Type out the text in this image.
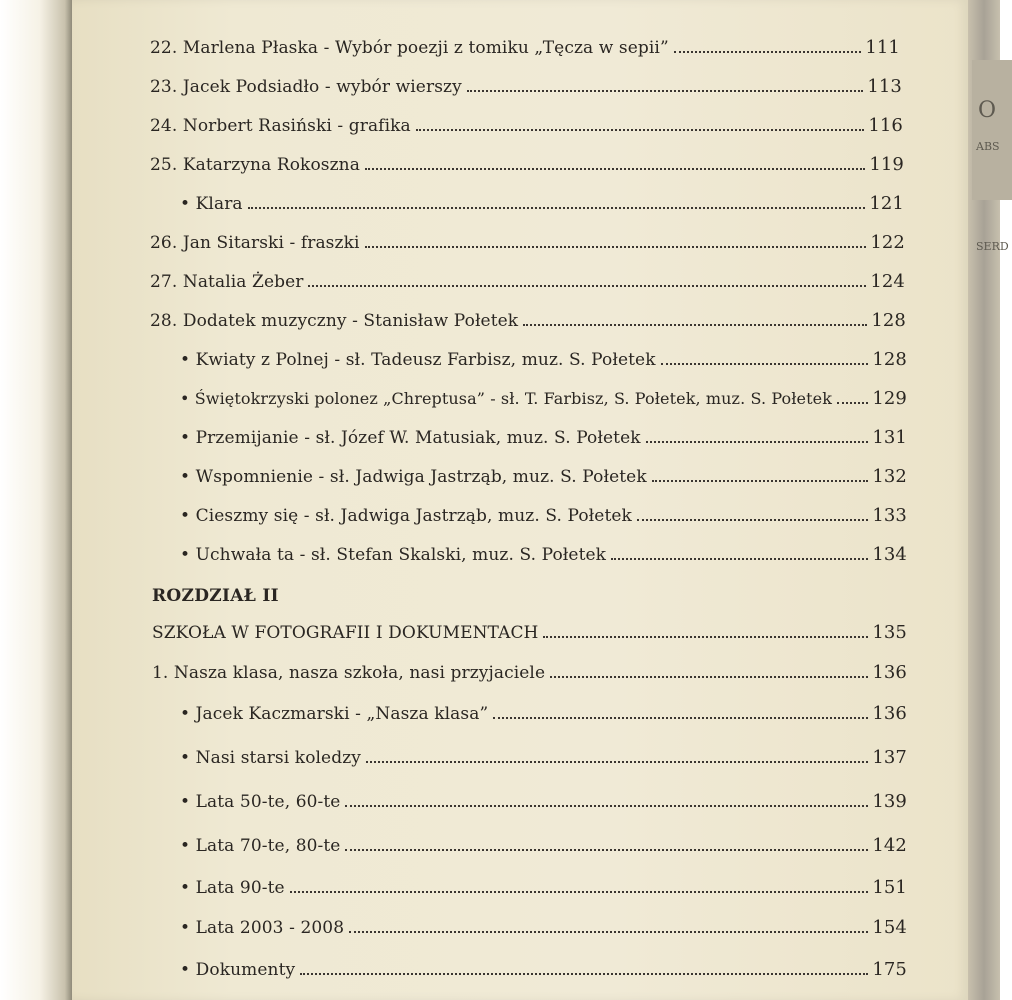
O
ABS
SERD
22. Marlena Płaska - Wybór poezji z tomiku „Tęcza w sepii”	111
23. Jacek Podsiadło - wybór wierszy	113
24. Norbert Rasiński - grafika	116
25. Katarzyna Rokoszna	119
• Klara	121
26. Jan Sitarski - fraszki	122
27. Natalia Żeber	124
28. Dodatek muzyczny - Stanisław Połetek	128
• Kwiaty z Polnej - sł. Tadeusz Farbisz, muz. S. Połetek	128
• Świętokrzyski polonez „Chreptusa” - sł. T. Farbisz, S. Połetek, muz. S. Połetek 129
• Przemijanie - sł. Józef W. Matusiak, muz. S. Połetek	131
• Wspomnienie - sł. Jadwiga Jastrząb, muz. S. Połetek	132
• Cieszmy się - sł. Jadwiga Jastrząb, muz. S. Połetek	133
• Uchwała ta - sł. Stefan Skalski, muz. S. Połetek	134
ROZDZIAŁ II
SZKOŁA W FOTOGRAFII I DOKUMENTACH	135
1. Nasza klasa, nasza szkoła, nasi przyjaciele	136
• Jacek Kaczmarski - „Nasza klasa”	136
• Nasi starsi koledzy	137
• Lata 50-te, 60-te	139
• Lata 70-te, 80-te	142
• Lata 90-te	151
• Lata 2003 - 2008	154
• Dokumenty	175
